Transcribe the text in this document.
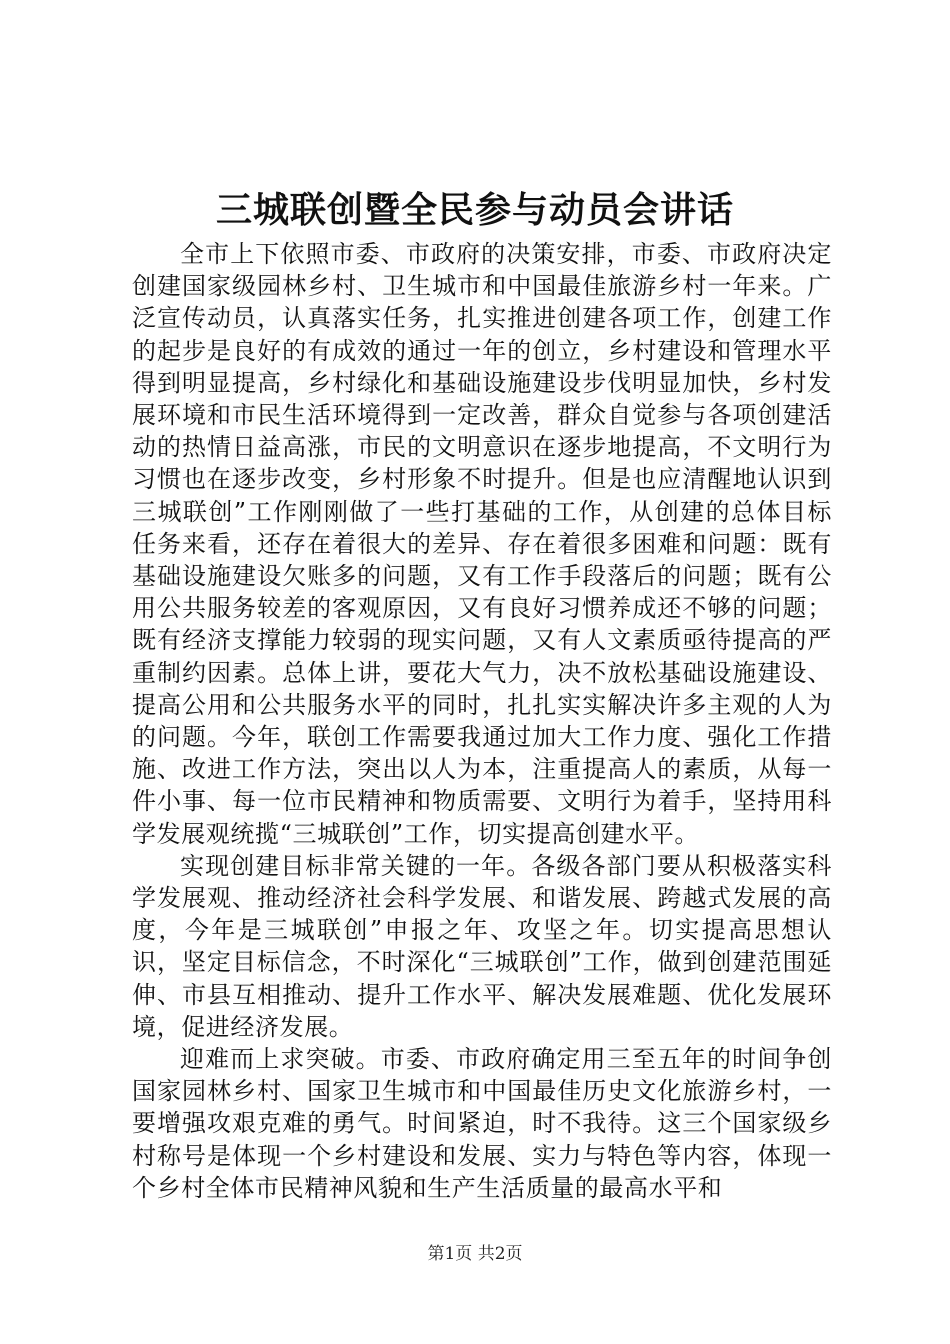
三城联创暨全民参与动员会讲话

全市上下依照市委、市政府的决策安排，市委、市政府决定创建国家级园林乡村、卫生城市和中国最佳旅游乡村一年来。广泛宣传动员，认真落实任务，扎实推进创建各项工作，创建工作的起步是良好的有成效的通过一年的创立，乡村建设和管理水平得到明显提高，乡村绿化和基础设施建设步伐明显加快，乡村发展环境和市民生活环境得到一定改善，群众自觉参与各项创建活动的热情日益高涨，市民的文明意识在逐步地提高，不文明行为习惯也在逐步改变，乡村形象不时提升。但是也应清醒地认识到三城联创”工作刚刚做了一些打基础的工作，从创建的总体目标任务来看，还存在着很大的差异、存在着很多困难和问题：既有基础设施建设欠账多的问题，又有工作手段落后的问题；既有公用公共服务较差的客观原因，又有良好习惯养成还不够的问题；既有经济支撑能力较弱的现实问题，又有人文素质亟待提高的严重制约因素。总体上讲，要花大气力，决不放松基础设施建设、提高公用和公共服务水平的同时，扎扎实实解决许多主观的人为的问题。今年，联创工作需要我通过加大工作力度、强化工作措施、改进工作方法，突出以人为本，注重提高人的素质，从每一件小事、每一位市民精神和物质需要、文明行为着手，坚持用科学发展观统揽“三城联创”工作，切实提高创建水平。

实现创建目标非常关键的一年。各级各部门要从积极落实科学发展观、推动经济社会科学发展、和谐发展、跨越式发展的高度，今年是三城联创”申报之年、攻坚之年。切实提高思想认识，坚定目标信念，不时深化“三城联创”工作，做到创建范围延伸、市县互相推动、提升工作水平、解决发展难题、优化发展环境，促进经济发展。

迎难而上求突破。市委、市政府确定用三至五年的时间争创国家园林乡村、国家卫生城市和中国最佳历史文化旅游乡村，一要增强攻艰克难的勇气。时间紧迫，时不我待。这三个国家级乡村称号是体现一个乡村建设和发展、实力与特色等内容，体现一个乡村全体市民精神风貌和生产生活质量的最高水平和

第1页 共2页
